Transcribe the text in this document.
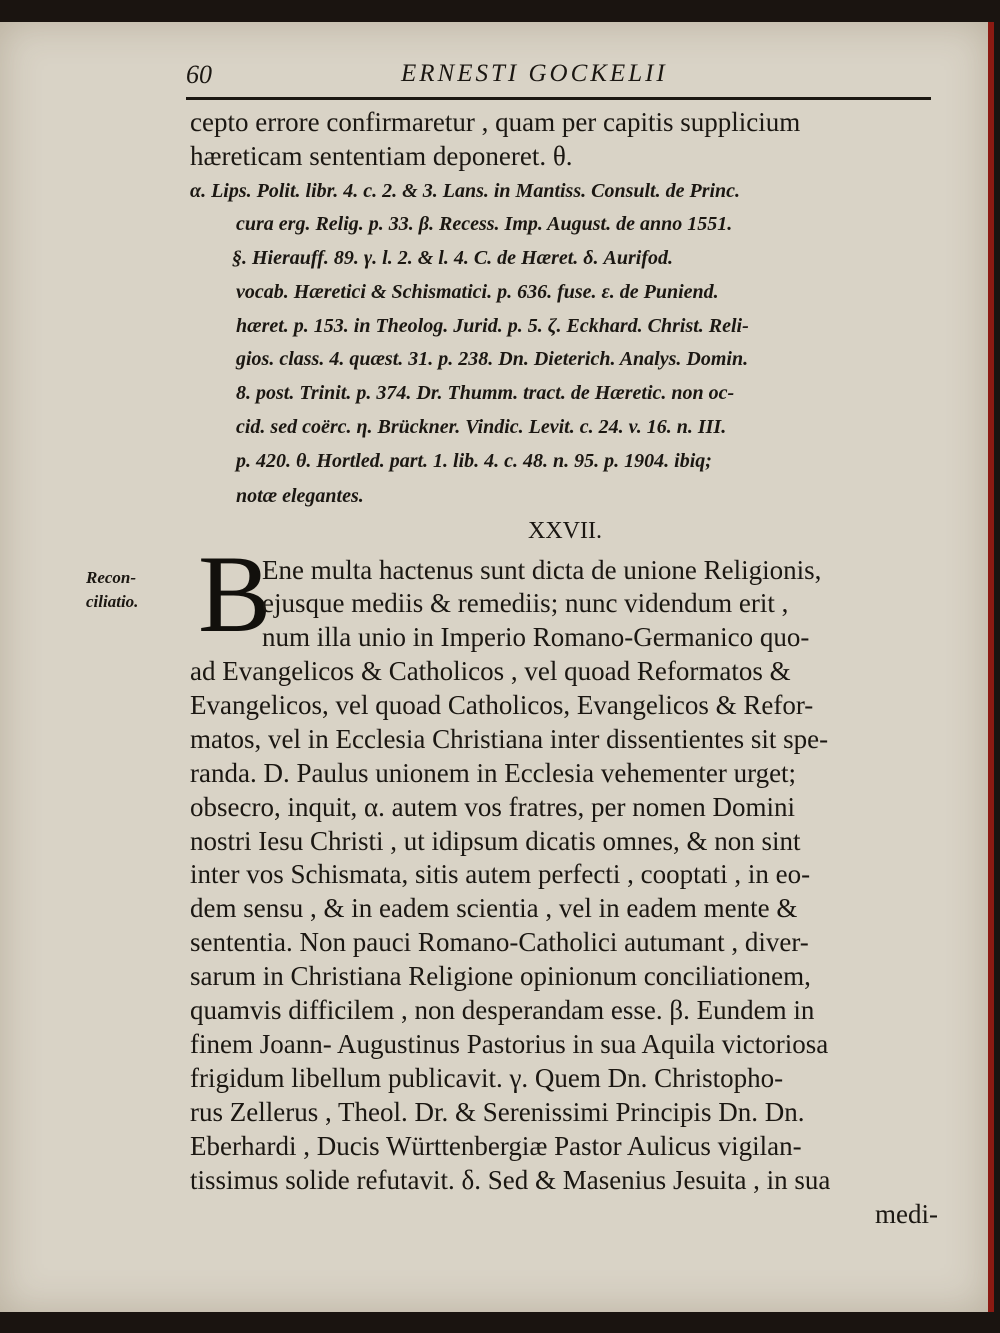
60	ERNESTI GOCKELII
cepto errore confirmaretur , quam per capitis supplicium
hæreticam sententiam deponeret. θ.
α. Lips. Polit. libr. 4. c. 2. & 3. Lans. in Mantiss. Consult. de Princ.
cura erg. Relig. p. 33. β. Recess. Imp. August. de anno 1551.
§. Hierauff. 89. γ. l. 2. & l. 4. C. de Hæret. δ. Aurifod.
vocab. Hæretici & Schismatici. p. 636. fuse. ε. de Puniend.
hæret. p. 153. in Theolog. Jurid. p. 5. ζ. Eckhard. Christ. Reli-
gios. class. 4. quæst. 31. p. 238. Dn. Dieterich. Analys. Domin.
8. post. Trinit. p. 374. Dr. Thumm. tract. de Hæretic. non oc-
cid. sed coërc. η. Brückner. Vindic. Levit. c. 24. v. 16. n. III.
p. 420. θ. Hortled. part. 1. lib. 4. c. 48. n. 95. p. 1904. ibiq;
notæ elegantes.
XXVII.
Recon-ciliatio. B
Ene multa hactenus sunt dicta de unione Religionis,
ejusque mediis & remediis; nunc videndum erit ,
num illa unio in Imperio Romano-Germanico quo-
ad Evangelicos & Catholicos , vel quoad Reformatos &
Evangelicos, vel quoad Catholicos, Evangelicos & Refor-
matos, vel in Ecclesia Christiana inter dissentientes sit spe-
randa. D. Paulus unionem in Ecclesia vehementer urget;
obsecro, inquit, α. autem vos fratres, per nomen Domini
nostri Iesu Christi , ut idipsum dicatis omnes, & non sint
inter vos Schismata, sitis autem perfecti , cooptati , in eo-
dem sensu , & in eadem scientia , vel in eadem mente &
sententia. Non pauci Romano-Catholici autumant , diver-
sarum in Christiana Religione opinionum conciliationem,
quamvis difficilem , non desperandam esse. β. Eundem in
finem Joann- Augustinus Pastorius in sua Aquila victoriosa
frigidum libellum publicavit. γ. Quem Dn. Christopho-
rus Zellerus , Theol. Dr. & Serenissimi Principis Dn. Dn.
Eberhardi , Ducis Württenbergiæ Pastor Aulicus vigilan-
tissimus solide refutavit. δ. Sed & Masenius Jesuita , in sua
medi-
